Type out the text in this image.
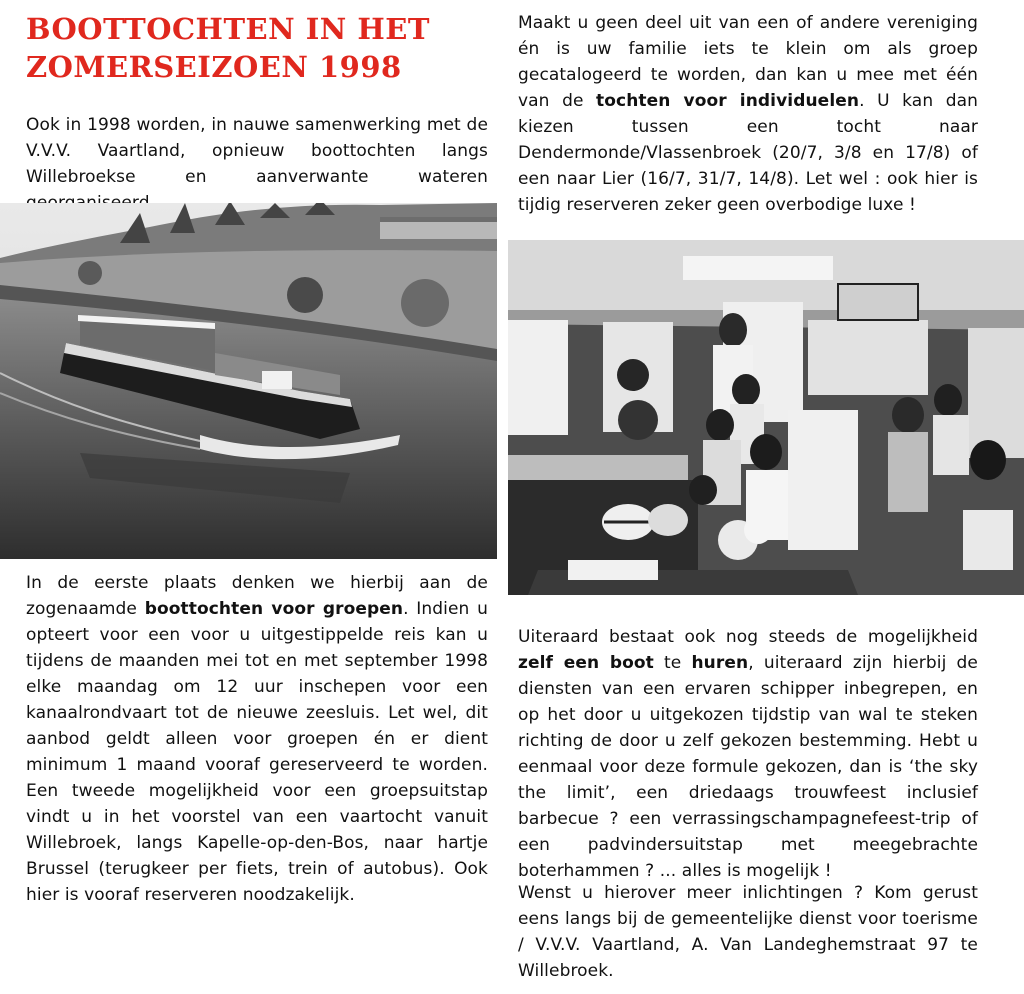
BOOTTOCHTEN IN HET
ZOMERSEIZOEN 1998

Ook in 1998 worden, in nauwe samenwerking met de V.V.V. Vaartland, opnieuw boottochten langs Willebroekse en aanverwante wateren

In de eerste plaats denken we hierbij aan de zogenaamde boottochten voor groepen. Indien u opteert voor een voor u uitgestippelde reis kan u tijdens de maanden mei tot en met september 1998 elke maandag om 12 uur inschepen voor een kanaalrondvaart tot de nieuwe zeesluis. Let wel, dit aanbod geldt alleen voor groepen én er dient minimum 1 maand vooraf gereserveerd te worden. Een tweede mogelijkheid voor een groepsuitstap vindt u in het voorstel van een vaartocht vanuit Willebroek, langs Kapelle-op-den-Bos, naar hartje Brussel (terugkeer per fiets, trein of autobus). Ook hier is vooraf reserveren noodzakelijk.

Maakt u geen deel uit van een of andere vereniging én is uw familie iets te klein om als groep gecatalogeerd te worden, dan kan u mee met één van de tochten voor individuelen. U kan dan kiezen tussen een tocht naar Dendermonde/Vlassenbroek (20/7, 3/8 en 17/8) of een naar Lier (16/7, 31/7, 14/8). Let wel : ook hier is tijdig reserveren zeker geen overbodige luxe !

Uiteraard bestaat ook nog steeds de mogelijkheid zelf een boot te huren, uiteraard zijn hierbij de diensten van een ervaren schipper inbegrepen, en op het door u uitgekozen tijdstip van wal te steken richting de door u zelf gekozen bestemming. Hebt u eenmaal voor deze formule gekozen, dan is ‘the sky the limit’, een driedaags trouwfeest inclusief barbecue ? een verrassingschampagnefeest-trip of een padvindersuitstap met meegebrachte boterhammen ? ... alles is mogelijk !

Wenst u hierover meer inlichtingen ? Kom gerust eens langs bij de gemeentelijke dienst voor toerisme / V.V.V. Vaartland, A. Van Landeghemstraat 97 te Willebroek.
